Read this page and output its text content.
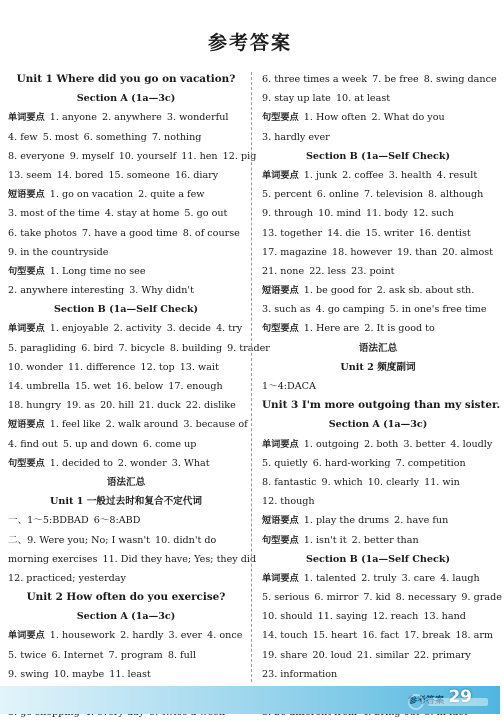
参考答案
Unit 1 Where did you go on vacation?
Section A (1a—3c)
单词要点 1. anyone 2. anywhere 3. wonderful
4. few 5. most 6. something 7. nothing
8. everyone 9. myself 10. yourself 11. hen 12. pig
13. seem 14. bored 15. someone 16. diary
短语要点 1. go on vacation 2. quite a few
3. most of the time 4. stay at home 5. go out
6. take photos 7. have a good time 8. of course
9. in the countryside
句型要点 1. Long time no see
2. anywhere interesting 3. Why didn't
Section B (1a—Self Check)
单词要点 1. enjoyable 2. activity 3. decide 4. try
5. paragliding 6. bird 7. bicycle 8. building 9. trader
10. wonder 11. difference 12. top 13. wait
14. umbrella 15. wet 16. below 17. enough
18. hungry 19. as 20. hill 21. duck 22. dislike
短语要点 1. feel like 2. walk around 3. because of
4. find out 5. up and down 6. come up
句型要点 1. decided to 2. wonder 3. What
语法汇总
Unit 1 一般过去时和复合不定代词
一、1～5:BDBAD 6～8:ABD
二、9. Were you; No; I wasn't 10. didn't do
morning exercises 11. Did they have; Yes; they did
12. practiced; yesterday
Unit 2 How often do you exercise?
Section A (1a—3c)
单词要点 1. housework 2. hardly 3. ever 4. once
5. twice 6. Internet 7. program 8. full
9. swing 10. maybe 11. least
6. three times a week 7. be free 8. swing dance
9. stay up late 10. at least
句型要点 1. How often 2. What do you
3. hardly ever
Section B (1a—Self Check)
单词要点 1. junk 2. coffee 3. health 4. result
5. percent 6. online 7. television 8. although
9. through 10. mind 11. body 12. such
13. together 14. die 15. writer 16. dentist
17. magazine 18. however 19. than 20. almost
21. none 22. less 23. point
短语要点 1. be good for 2. ask sb. about sth.
3. such as 4. go camping 5. in one's free time
句型要点 1. Here are 2. It is good to
语法汇总
Unit 2 频度副词
1～4:DACA
Unit 3 I'm more outgoing than my sister.
Section A (1a—3c)
单词要点 1. outgoing 2. both 3. better 4. loudly
5. quietly 6. hard-working 7. competition
8. fantastic 9. which 10. clearly 11. win
12. though
短语要点 1. play the drums 2. have fun
句型要点 1. isn't it 2. better than
Section B (1a—Self Check)
单词要点 1. talented 2. truly 3. care 4. laugh
5. serious 6. mirror 7. kid 8. necessary 9. grade
10. should 11. saying 12. reach 13. hand
14. touch 15. heart 16. fact 17. break 18. arm
19. share 20. loud 21. similar 22. primary
23. information
参考答案 29
